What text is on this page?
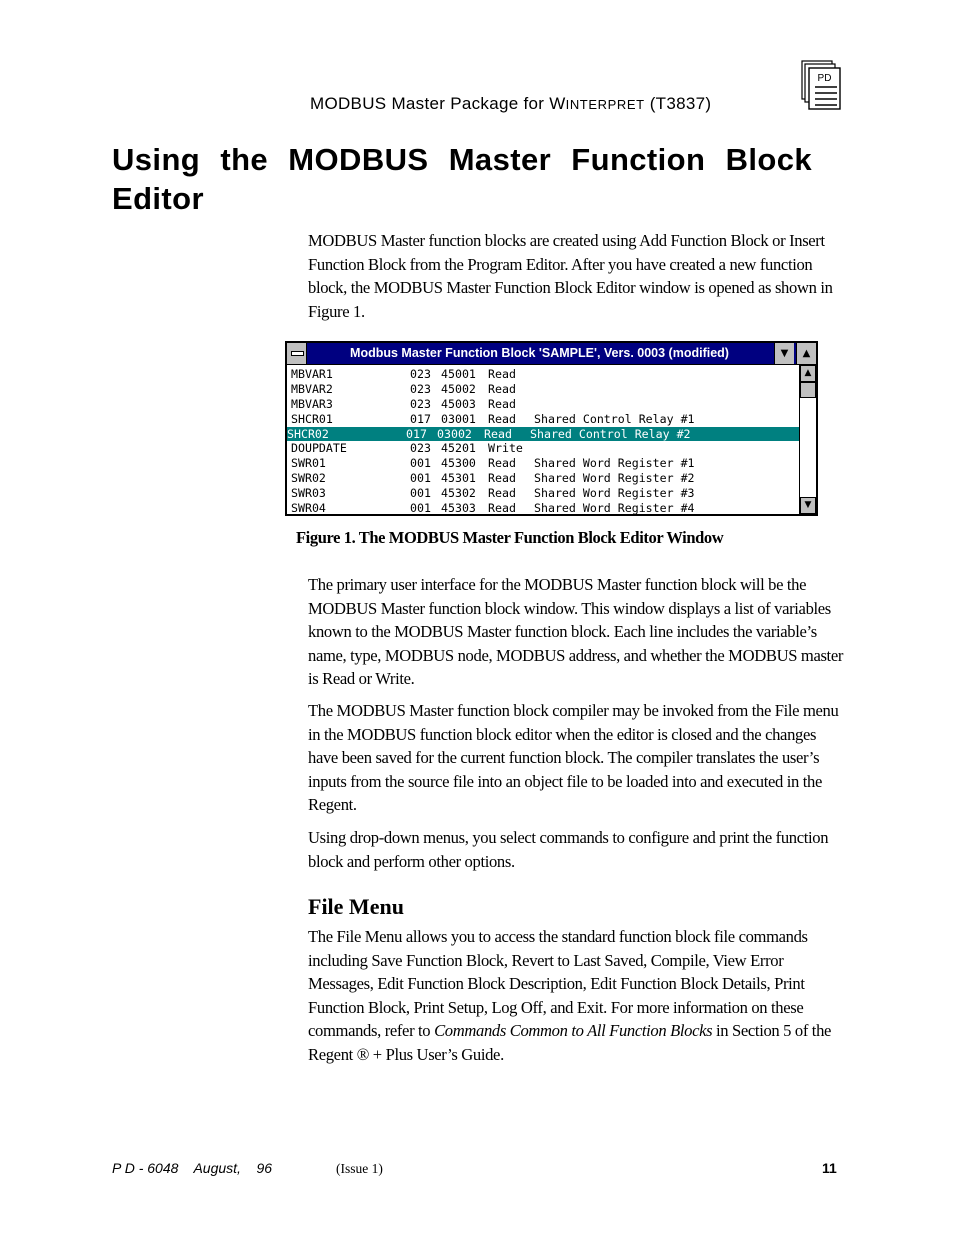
MODBUS Master Package for WINTERPRET (T3837)
PD
Using the MODBUS Master Function Block Editor

MODBUS Master function blocks are created using Add Function Block or Insert Function Block from the Program Editor. After you have created a new function block, the MODBUS Master Function Block Editor window is opened as shown in Figure 1.

Modbus Master Function Block 'SAMPLE', Vers. 0003 (modified)	▼	▲
MBVAR1	023 45001 Read
MBVAR2	023 45002 Read
MBVAR3	023 45003 Read
SHCR01	017 03001 Read Shared Control Relay #1
SHCR02	017 03002 Read Shared Control Relay #2
DOUPDATE	023 45201 Write
SWR01	001 45300 Read Shared Word Register #1
SWR02	001 45301 Read Shared Word Register #2
SWR03	001 45302 Read Shared Word Register #3
SWR04	001 45303 Read Shared Word Register #4
▲
▼
Figure 1. The MODBUS Master Function Block Editor Window

The primary user interface for the MODBUS Master function block will be the MODBUS Master function block window. This window displays a list of variables known to the MODBUS Master function block. Each line includes the variable’s name, type, MODBUS node, MODBUS address, and whether the MODBUS master is Read or Write.

The MODBUS Master function block compiler may be invoked from the File menu in the MODBUS function block editor when the editor is closed and the changes have been saved for the current function block. The compiler translates the user’s inputs from the source file into an object file to be loaded into and executed in the Regent.

Using drop-down menus, you select commands to configure and print the function block and perform other options.

File Menu

The File Menu allows you to access the standard function block file commands including Save Function Block, Revert to Last Saved, Compile, View Error Messages, Edit Function Block Description, Edit Function Block Details, Print Function Block, Print Setup, Log Off, and Exit. For more information on these commands, refer to Commands Common to All Function Blocks in Section 5 of the Regent ® + Plus User’s Guide.

P D - 6048    August,    96	(Issue 1)	11
